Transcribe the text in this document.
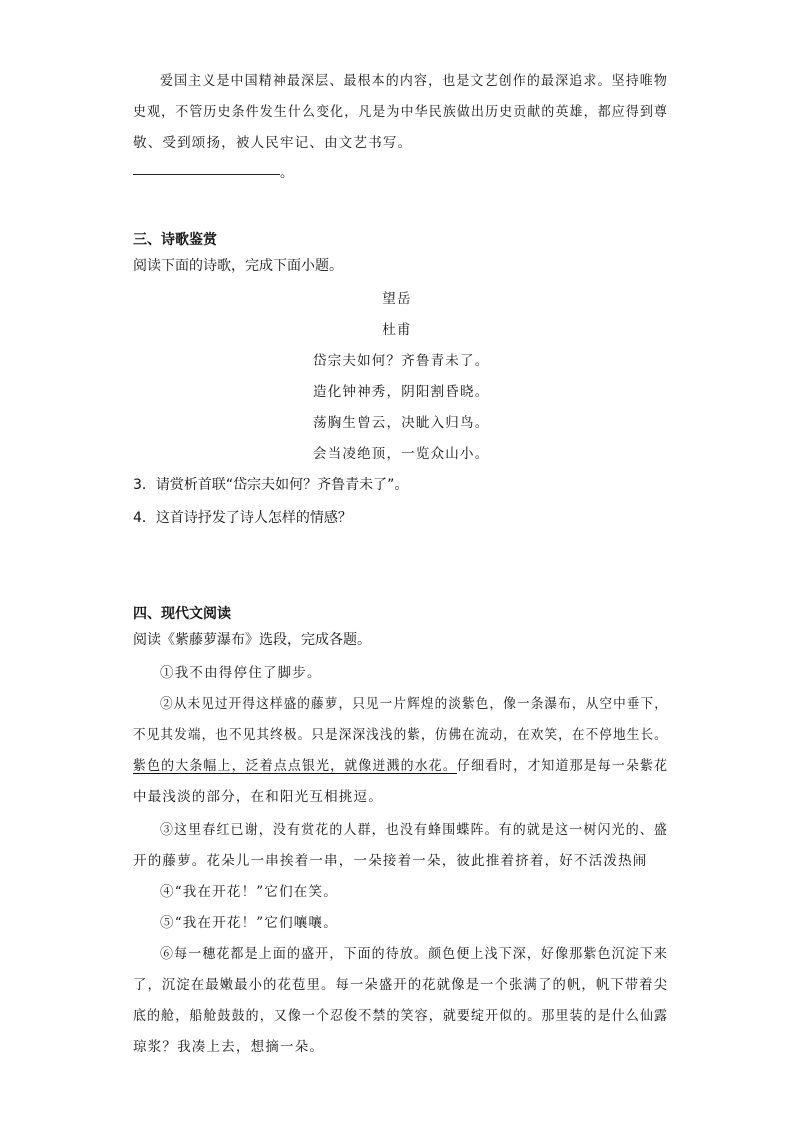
爱国主义是中国精神最深层、最根本的内容，也是文艺创作的最深追求。坚持唯物
史观，不管历史条件发生什么变化，凡是为中华民族做出历史贡献的英雄，都应得到尊
敬、受到颂扬，被人民牢记、由文艺书写。
。
三、诗歌鉴赏
阅读下面的诗歌，完成下面小题。
望岳
杜甫
岱宗夫如何？齐鲁青未了。
造化钟神秀，阴阳割昏晓。
荡胸生曾云，决眦入归鸟。
会当凌绝顶，一览众山小。
3．请赏析首联“岱宗夫如何？齐鲁青未了”。
4．这首诗抒发了诗人怎样的情感？
四、现代文阅读
阅读《紫藤萝瀑布》选段，完成各题。
①我不由得停住了脚步。
②从未见过开得这样盛的藤萝，只见一片辉煌的淡紫色，像一条瀑布，从空中垂下，
不见其发端，也不见其终极。只是深深浅浅的紫，仿佛在流动，在欢笑，在不停地生长。
紫色的大条幅上，泛着点点银光，就像迸溅的水花。仔细看时，才知道那是每一朵紫花
中最浅淡的部分，在和阳光互相挑逗。
③这里春红已谢，没有赏花的人群，也没有蜂围蝶阵。有的就是这一树闪光的、盛
开的藤萝。花朵儿一串挨着一串，一朵接着一朵，彼此推着挤着，好不活泼热闹
④“我在开花！”它们在笑。
⑤“我在开花！”它们嚷嚷。
⑥每一穗花都是上面的盛开，下面的待放。颜色便上浅下深，好像那紫色沉淀下来
了，沉淀在最嫩最小的花苞里。每一朵盛开的花就像是一个张满了的帆，帆下带着尖
底的舱，船舱鼓鼓的，又像一个忍俊不禁的笑容，就要绽开似的。那里装的是什么仙露
琼浆？我凑上去，想摘一朵。
